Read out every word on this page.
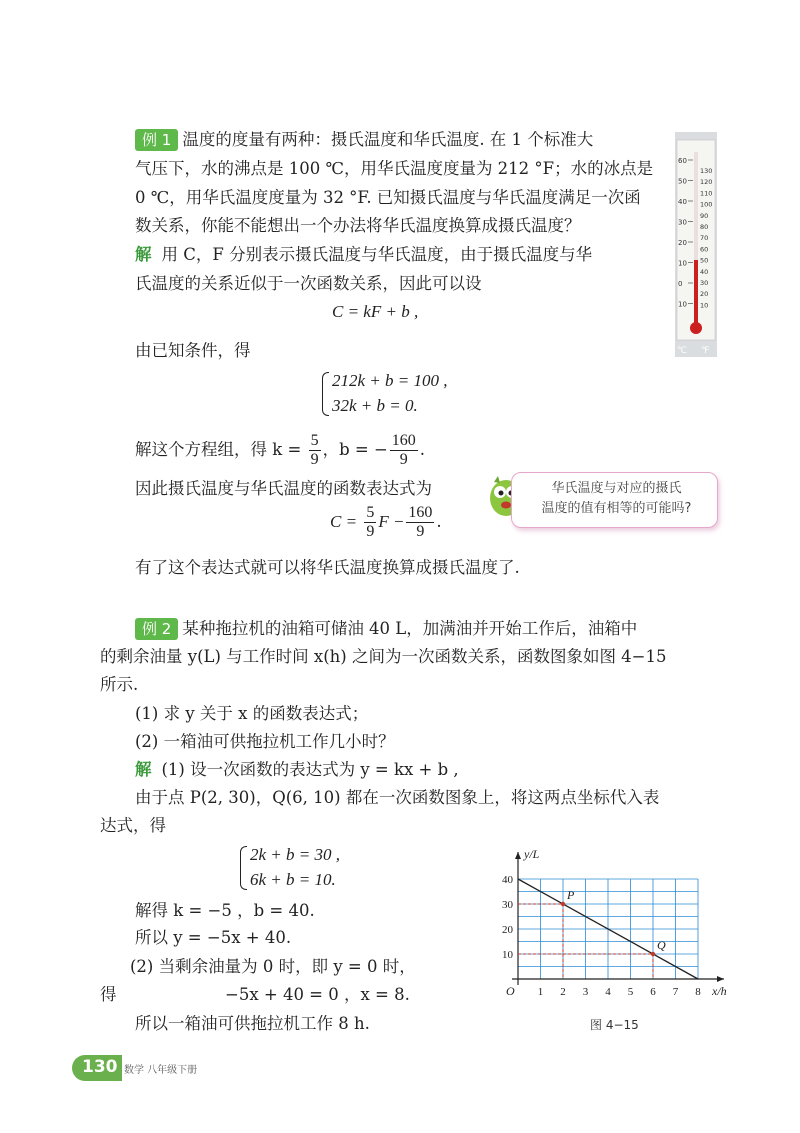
例 1 温度的度量有两种：摄氏温度和华氏温度. 在 1 个标准大
气压下，水的沸点是 100 ℃，用华氏温度度量为 212 °F；水的冰点是
0 ℃，用华氏温度度量为 32 °F. 已知摄氏温度与华氏温度满足一次函
数关系，你能不能想出一个办法将华氏温度换算成摄氏温度？
解 用 C，F 分别表示摄氏温度与华氏温度，由于摄氏温度与华
氏温度的关系近似于一次函数关系，因此可以设
C = kF + b ,
由已知条件，得
212k + b = 100 ,
32k + b = 0.
解这个方程组，得 $k = \frac{5}{9}$ ，b = − $\frac{160}{9}$ .
因此摄氏温度与华氏温度的函数表达式为
$C = \frac{5}{9}$ $F - \frac{160}{9}$ .
有了这个表达式就可以将华氏温度换算成摄氏温度了.
华氏温度与对应的摄氏
温度的值有相等的可能吗?
60
50
40
30
20
10
0
10
130
120
110
100
90
80
70
60
50
40
30
20
10
℃ ℉
例 2 某种拖拉机的油箱可储油 40 L，加满油并开始工作后，油箱中
的剩余油量 y(L) 与工作时间 x(h) 之间为一次函数关系，函数图象如图 4−15
所示.
(1) 求 y 关于 x 的函数表达式；
(2) 一箱油可供拖拉机工作几小时？
解 (1) 设一次函数的表达式为 y = kx + b ,
由于点 P(2, 30)，Q(6, 10) 都在一次函数图象上，将这两点坐标代入表
达式，得
2k + b = 30 ,
6k + b = 10.
解得 k = −5 ，b = 40.
所以 y = −5x + 40.
(2) 当剩余油量为 0 时，即 y = 0 时，
得	−5x + 40 = 0 ，x = 8.
所以一箱油可供拖拉机工作 8 h.
P
Q
1 2 3 4 5 6 7 8
10
20
30
40
O	x/h
y/L
图 4−15
130 数学 八年级下册
